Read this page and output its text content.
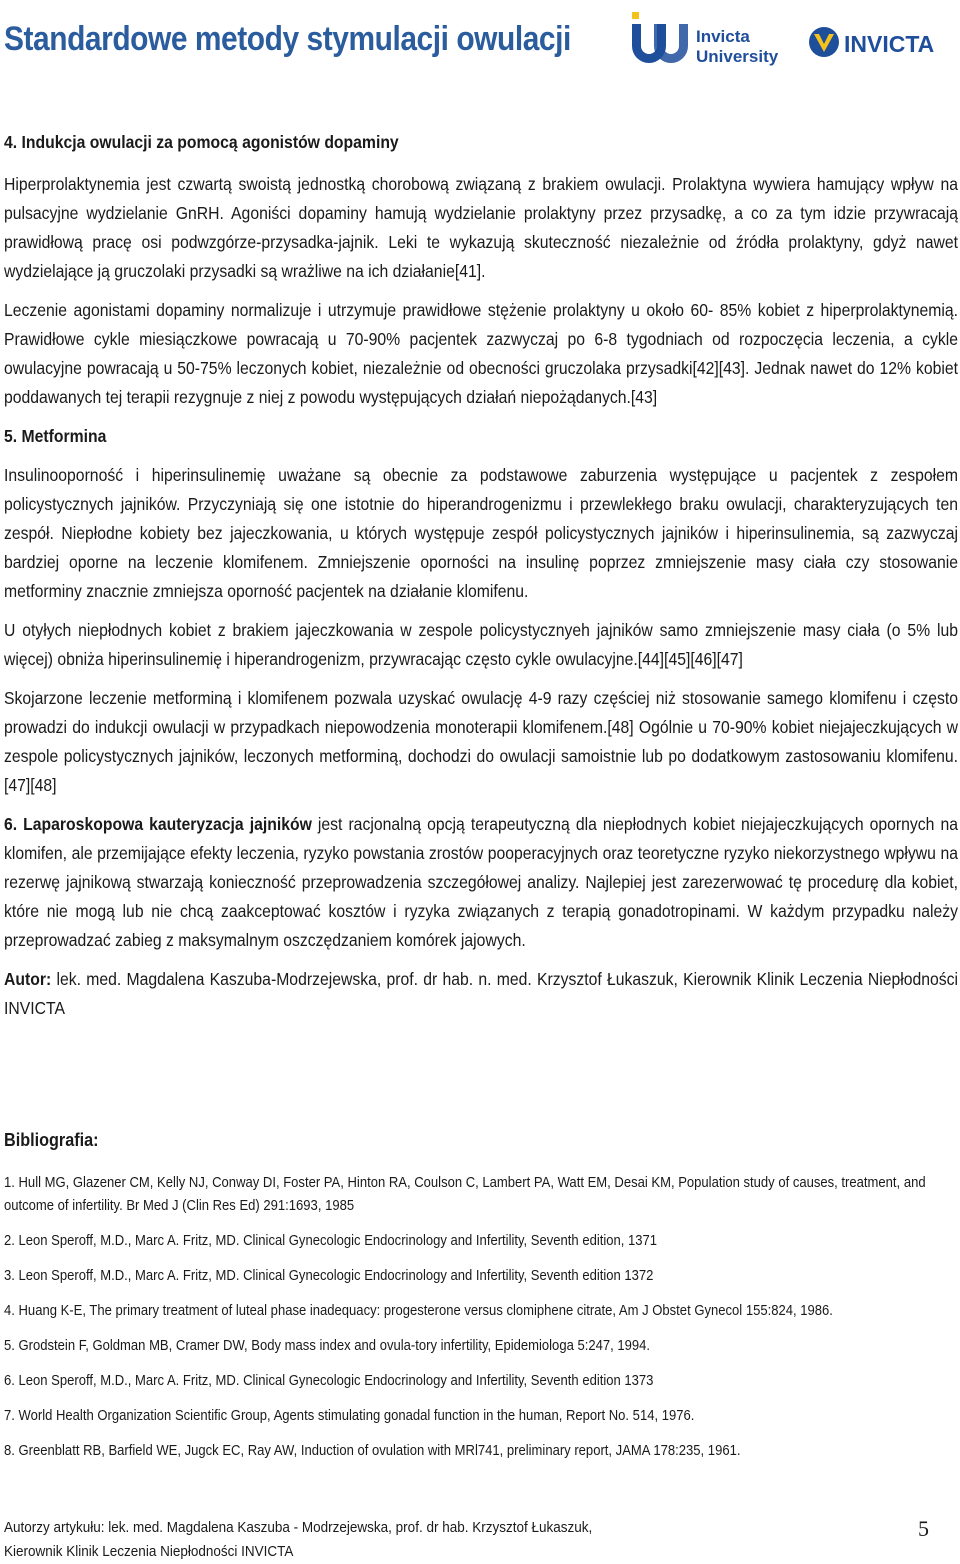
Standardowe metody stymulacji owulacji	Invicta
University	INVICTA

4. Indukcja owulacji za pomocą agonistów dopaminy

Hiperprolaktynemia jest czwartą swoistą jednostką chorobową związaną z brakiem owulacji. Prolaktyna wywiera hamujący wpływ na pulsacyjne wydzielanie GnRH. Agoniści dopaminy hamują wydzielanie prolaktyny przez przysadkę, a co za tym idzie przywracają prawidłową pracę osi podwzgórze-przysadka-jajnik. Leki te wykazują skuteczność niezależnie od źródła prolaktyny, gdyż nawet wydzielające ją gruczolaki przysadki są wrażliwe na ich działanie[41].

Leczenie agonistami dopaminy normalizuje i utrzymuje prawidłowe stężenie prolaktyny u około 60- 85% kobiet z hiperprolaktynemią. Prawidłowe cykle miesiączkowe powracają u 70-90% pacjentek zazwyczaj po 6-8 tygodniach od rozpoczęcia leczenia, a cykle owulacyjne powracają u 50-75% leczonych kobiet, niezależnie od obecności gruczolaka przysadki[42][43]. Jednak nawet do 12% kobiet poddawanych tej terapii rezygnuje z niej z powodu występujących działań niepożądanych.[43]

5. Metformina

Insulinooporność i hiperinsulinemię uważane są obecnie za podstawowe zaburzenia występujące u pacjentek z zespołem policystycznych jajników. Przyczyniają się one istotnie do hiperandrogenizmu i przewlekłego braku owulacji, charakteryzujących ten zespół. Niepłodne kobiety bez jajeczkowania, u których występuje zespół policystycznych jajników i hiperinsulinemia, są zazwyczaj bardziej oporne na leczenie klomifenem. Zmniejszenie oporności na insulinę poprzez zmniejszenie masy ciała czy stosowanie metforminy znacznie zmniejsza oporność pacjentek na działanie klomifenu.

U otyłych niepłodnych kobiet z brakiem jajeczkowania w zespole policystycznyeh jajników samo zmniejszenie masy ciała (o 5% lub więcej) obniża hiperinsulinemię i hiperandrogenizm, przywracając często cykle owulacyjne.[44][45][46][47]

Skojarzone leczenie metforminą i klomifenem pozwala uzyskać owulację 4-9 razy częściej niż stosowanie samego klomifenu i często prowadzi do indukcji owulacji w przypadkach niepowodzenia monoterapii klomifenem.[48] Ogólnie u 70-90% kobiet niejajeczkujących w zespole policystycznych jajników, leczonych metforminą, dochodzi do owulacji samoistnie lub po dodatkowym zastosowaniu klomifenu.[47][48]

6. Laparoskopowa kauteryzacja jajników jest racjonalną opcją terapeutyczną dla niepłodnych kobiet niejajeczkujących opornych na klomifen, ale przemijające efekty leczenia, ryzyko powstania zrostów pooperacyjnych oraz teoretyczne ryzyko niekorzystnego wpływu na rezerwę jajnikową stwarzają konieczność przeprowadzenia szczegółowej analizy. Najlepiej jest zarezerwować tę procedurę dla kobiet, które nie mogą lub nie chcą zaakceptować kosztów i ryzyka związanych z terapią gonadotropinami. W każdym przypadku należy przeprowadzać zabieg z maksymalnym oszczędzaniem komórek jajowych.

Autor: lek. med. Magdalena Kaszuba-Modrzejewska, prof. dr hab. n. med. Krzysztof Łukaszuk, Kierownik Klinik Leczenia Niepłodności INVICTA

Bibliografia:

1. Hull MG, Glazener CM, Kelly NJ, Conway DI, Foster PA, Hinton RA, Coulson C, Lambert PA, Watt EM, Desai KM, Population study of causes, treatment, and outcome of infertility. Br Med J (Clin Res Ed) 291:1693, 1985

2. Leon Speroff, M.D., Marc A. Fritz, MD. Clinical Gynecologic Endocrinology and Infertility, Seventh edition, 1371

3. Leon Speroff, M.D., Marc A. Fritz, MD. Clinical Gynecologic Endocrinology and Infertility, Seventh edition 1372

4. Huang K-E, The primary treatment of luteal phase inadequacy: progesterone versus clomiphene citrate, Am J Obstet Gynecol 155:824, 1986.

5. Grodstein F, Goldman MB, Cramer DW, Body mass index and ovula-tory infertility, Epidemiologa 5:247, 1994.

6. Leon Speroff, M.D., Marc A. Fritz, MD. Clinical Gynecologic Endocrinology and Infertility, Seventh edition 1373

7. World Health Organization Scientific Group, Agents stimulating gonadal function in the human, Report No. 514, 1976.

8. Greenblatt RB, Barfield WE, Jugck EC, Ray AW, Induction of ovulation with MRl741, preliminary report, JAMA 178:235, 1961.

Autorzy artykułu: lek. med. Magdalena Kaszuba - Modrzejewska, prof. dr hab. Krzysztof Łukaszuk,
Kierownik Klinik Leczenia Niepłodności INVICTA
5
